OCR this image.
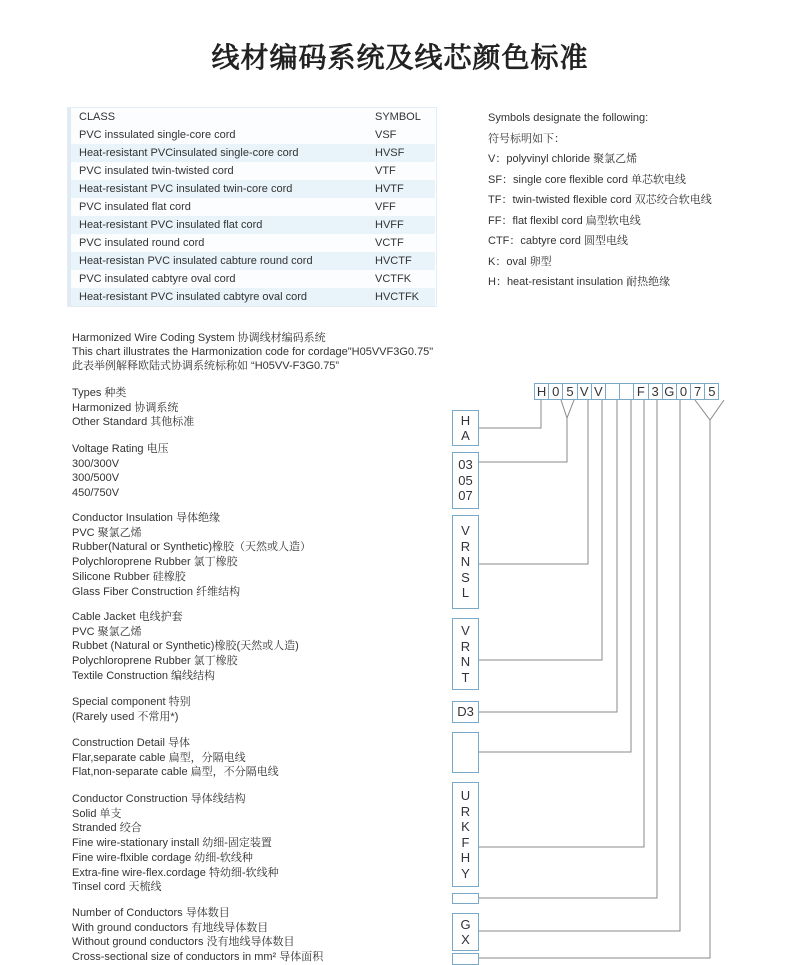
线材编码系统及线芯颜色标准
CLASS	SYMBOL
PVC inssulated single-core cord	VSF
Heat-resistant PVCinsulated single-core cord	HVSF
PVC insulated twin-twisted cord	VTF
Heat-resistant PVC insulated twin-core cord	HVTF
PVC insulated flat cord	VFF
Heat-resistant PVC insulated flat cord	HVFF
PVC insulated round cord	VCTF
Heat-resistan PVC insulated cabture round cord	HVCTF
PVC insulated cabtyre oval cord	VCTFK
Heat-resistant PVC insulated cabtyre oval cord	HVCTFK
Symbols designate the following:
符号标明如下：
V：polyvinyl chloride 聚氯乙烯
SF：single core flexible cord 单芯软电线
TF：twin-twisted flexible cord 双芯绞合软电线
FF：flat flexibl cord 扁型软电线
CTF：cabtyre cord 圆型电线
K：oval 卵型
H：heat-resistant insulation 耐热绝缘
Harmonized Wire Coding System 协调线材编码系统
This chart illustrates the Harmonization code for cordage"H05VVF3G0.75"
此表举例解释欧陆式协调系统标称如 “H05VV-F3G0.75”
Types 种类
Harmonized 协调系统
Other Standard 其他标准
Voltage Rating 电压
300/300V
300/500V
450/750V
Conductor Insulation 导体绝缘
PVC 聚氯乙烯
Rubber(Natural or Synthetic)橡胶（天然或人造）
Polychloroprene Rubber 氯丁橡胶
Silicone Rubber 硅橡胶
Glass Fiber Construction 纤维结构
Cable Jacket 电线护套
PVC 聚氯乙烯
Rubbet (Natural or Synthetic)橡胶(天然或人造)
Polychloroprene Rubber 氯丁橡胶
Textile Construction 编线结构
Special component 特别
(Rarely used 不常用*)
Construction Detail 导体
Flar,separate cable 扁型，分隔电线
Flat,non-separate cable 扁型，不分隔电线
Conductor Construction 导体线结构
Solid 单支
Stranded 绞合
Fine wire-stationary install 幼细-固定装置
Fine wire-flxible cordage 幼细-软线种
Extra-fine wire-flex.cordage 特幼细-软线种
Tinsel cord 天梳线
Number of Conductors 导体数目
With ground conductors 有地线导体数目
Without ground conductors 没有地线导体数目
Cross-sectional size of conductors in mm² 导体面积
H 0 5 V V	F 3 G 0 7 5
H
A
03
05
07
V
R
N
S
L
V
R
N
T
D3
U
R
K
F
H
Y
G
X
